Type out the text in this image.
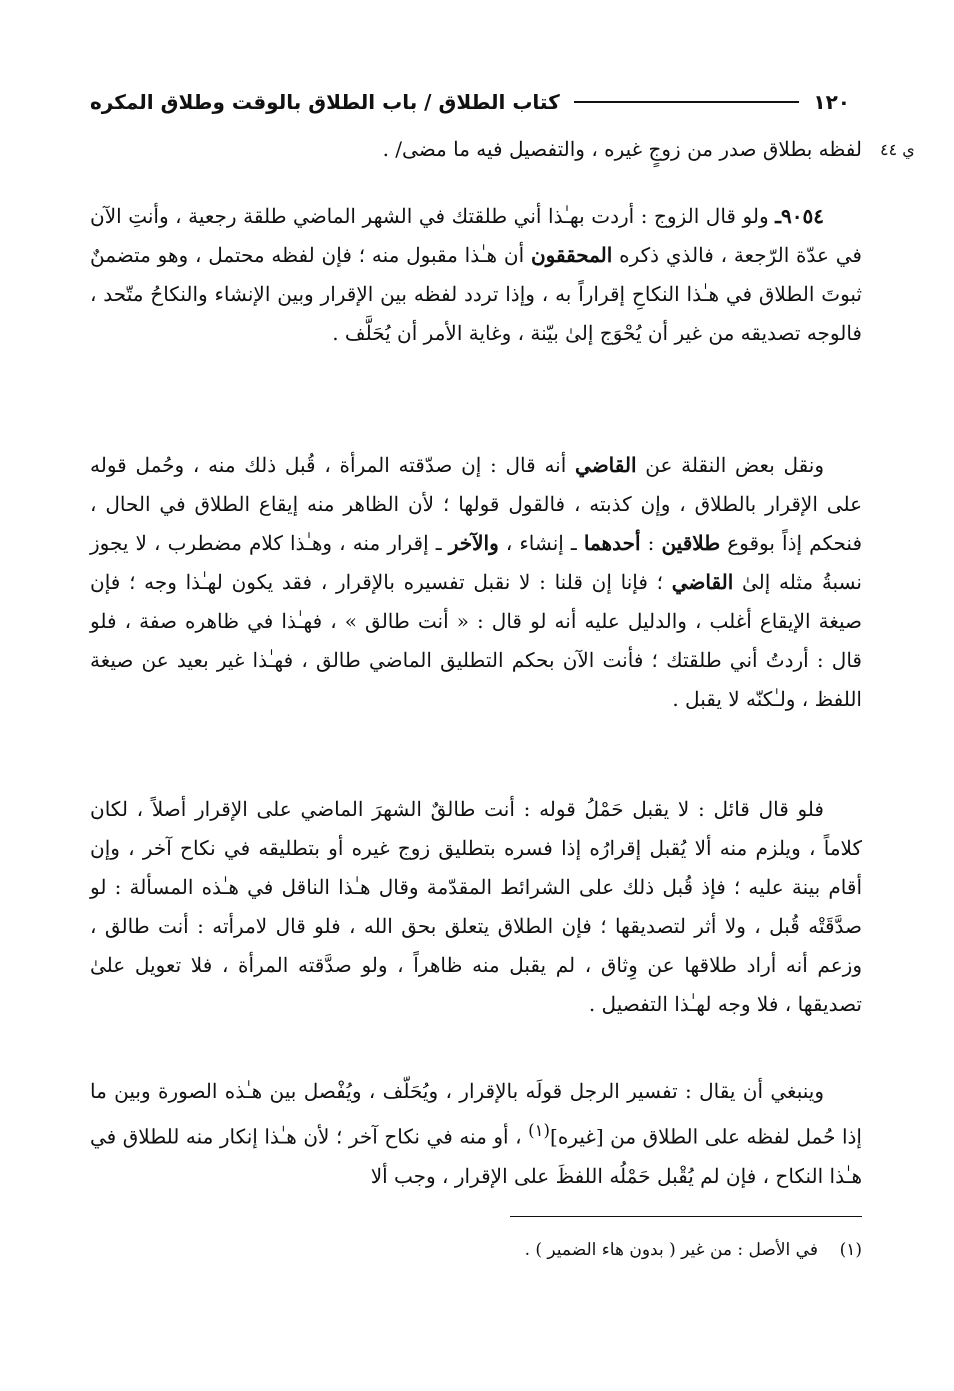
١٢٠
كتاب الطلاق / باب الطلاق بالوقت وطلاق المكره
ي ٤٤

لفظه بطلاق صدر من زوجٍ غيره ، والتفصيل فيه ما مضى/ .

٩٠٥٤ـ ولو قال الزوج : أردت بهـٰذا أني طلقتك في الشهر الماضي طلقة رجعية ، وأنتِ الآن في عدّة الرّجعة ، فالذي ذكره المحققون أن هـٰذا مقبول منه ؛ فإن لفظه محتمل ، وهو متضمنٌ ثبوتَ الطلاق في هـٰذا النكاحِ إقراراً به ، وإذا تردد لفظه بين الإقرار وبين الإنشاء والنكاحُ متّحد ، فالوجه تصديقه من غير أن يُحْوَج إلىٰ بيّنة ، وغاية الأمر أن يُحَلَّف .

ونقل بعض النقلة عن القاضي أنه قال : إن صدّقته المرأة ، قُبل ذلك منه ، وحُمل قوله على الإقرار بالطلاق ، وإن كذبته ، فالقول قولها ؛ لأن الظاهر منه إيقاع الطلاق في الحال ، فنحكم إذاً بوقوع طلاقين : أحدهما ـ إنشاء ، والآخر ـ إقرار منه ، وهـٰذا كلام مضطرب ، لا يجوز نسبةُ مثله إلىٰ القاضي ؛ فإنا إن قلنا : لا نقبل تفسيره بالإقرار ، فقد يكون لهـٰذا وجه ؛ فإن صيغة الإيقاع أغلب ، والدليل عليه أنه لو قال : « أنت طالق » ، فهـٰذا في ظاهره صفة ، فلو قال : أردتُ أني طلقتك ؛ فأنت الآن بحكم التطليق الماضي طالق ، فهـٰذا غير بعيد عن صيغة اللفظ ، ولـٰكنّه لا يقبل .

فلو قال قائل : لا يقبل حَمْلُ قوله : أنت طالقٌ الشهرَ الماضي على الإقرار أصلاً ، لكان كلاماً ، ويلزم منه ألا يُقبل إقرارُه إذا فسره بتطليق زوج غيره أو بتطليقه في نكاح آخر ، وإن أقام بينة عليه ؛ فإذ قُبل ذلك على الشرائط المقدّمة وقال هـٰذا الناقل في هـٰذه المسألة : لو صدَّقَتْه قُبل ، ولا أثر لتصديقها ؛ فإن الطلاق يتعلق بحق الله ، فلو قال لامرأته : أنت طالق ، وزعم أنه أراد طلاقها عن وِثاق ، لم يقبل منه ظاهراً ، ولو صدَّقته المرأة ، فلا تعويل علىٰ تصديقها ، فلا وجه لهـٰذا التفصيل .

وينبغي أن يقال : تفسير الرجل قولَه بالإقرار ، ويُحَلّف ، ويُفْصل بين هـٰذه الصورة وبين ما إذا حُمل لفظه على الطلاق من [غيره]$^{(١)}$ ، أو منه في نكاح آخر ؛ لأن هـٰذا إنكار منه للطلاق في هـٰذا النكاح ، فإن لم يُقْبل حَمْلُه اللفظَ على الإقرار ، وجب ألا

(١)    في الأصل : من غير ( بدون هاء الضمير ) .
